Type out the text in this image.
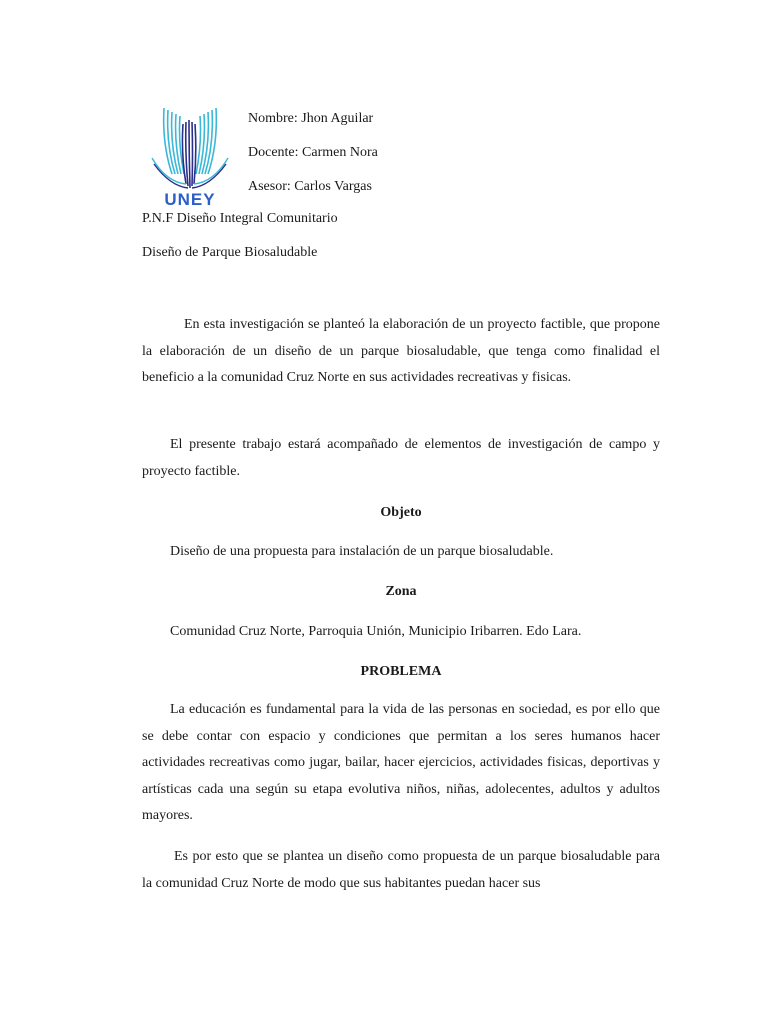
UNEY
Nombre: Jhon Aguilar
Docente: Carmen Nora
Asesor: Carlos Vargas
P.N.F Diseño Integral Comunitario
Diseño de Parque Biosaludable

En esta investigación se planteó la elaboración de un proyecto factible, que propone la elaboración de un diseño de un parque biosaludable, que tenga como finalidad el beneficio a la comunidad Cruz Norte en sus actividades recreativas y fisicas.

El presente trabajo estará acompañado de elementos de investigación de campo y proyecto factible.

Objeto

Diseño de una propuesta para instalación de un parque biosaludable.

Zona

Comunidad Cruz Norte, Parroquia Unión, Municipio Iribarren. Edo Lara.

PROBLEMA

La educación es fundamental para la vida de las personas en sociedad, es por ello que se debe contar con espacio y condiciones que permitan a los seres humanos hacer actividades recreativas como jugar, bailar, hacer ejercicios, actividades fisicas, deportivas y artísticas cada una según su etapa evolutiva niños, niñas, adolecentes, adultos y adultos mayores.

Es por esto que se plantea un diseño como propuesta de un parque biosaludable para la comunidad Cruz Norte de modo que sus habitantes puedan hacer sus
